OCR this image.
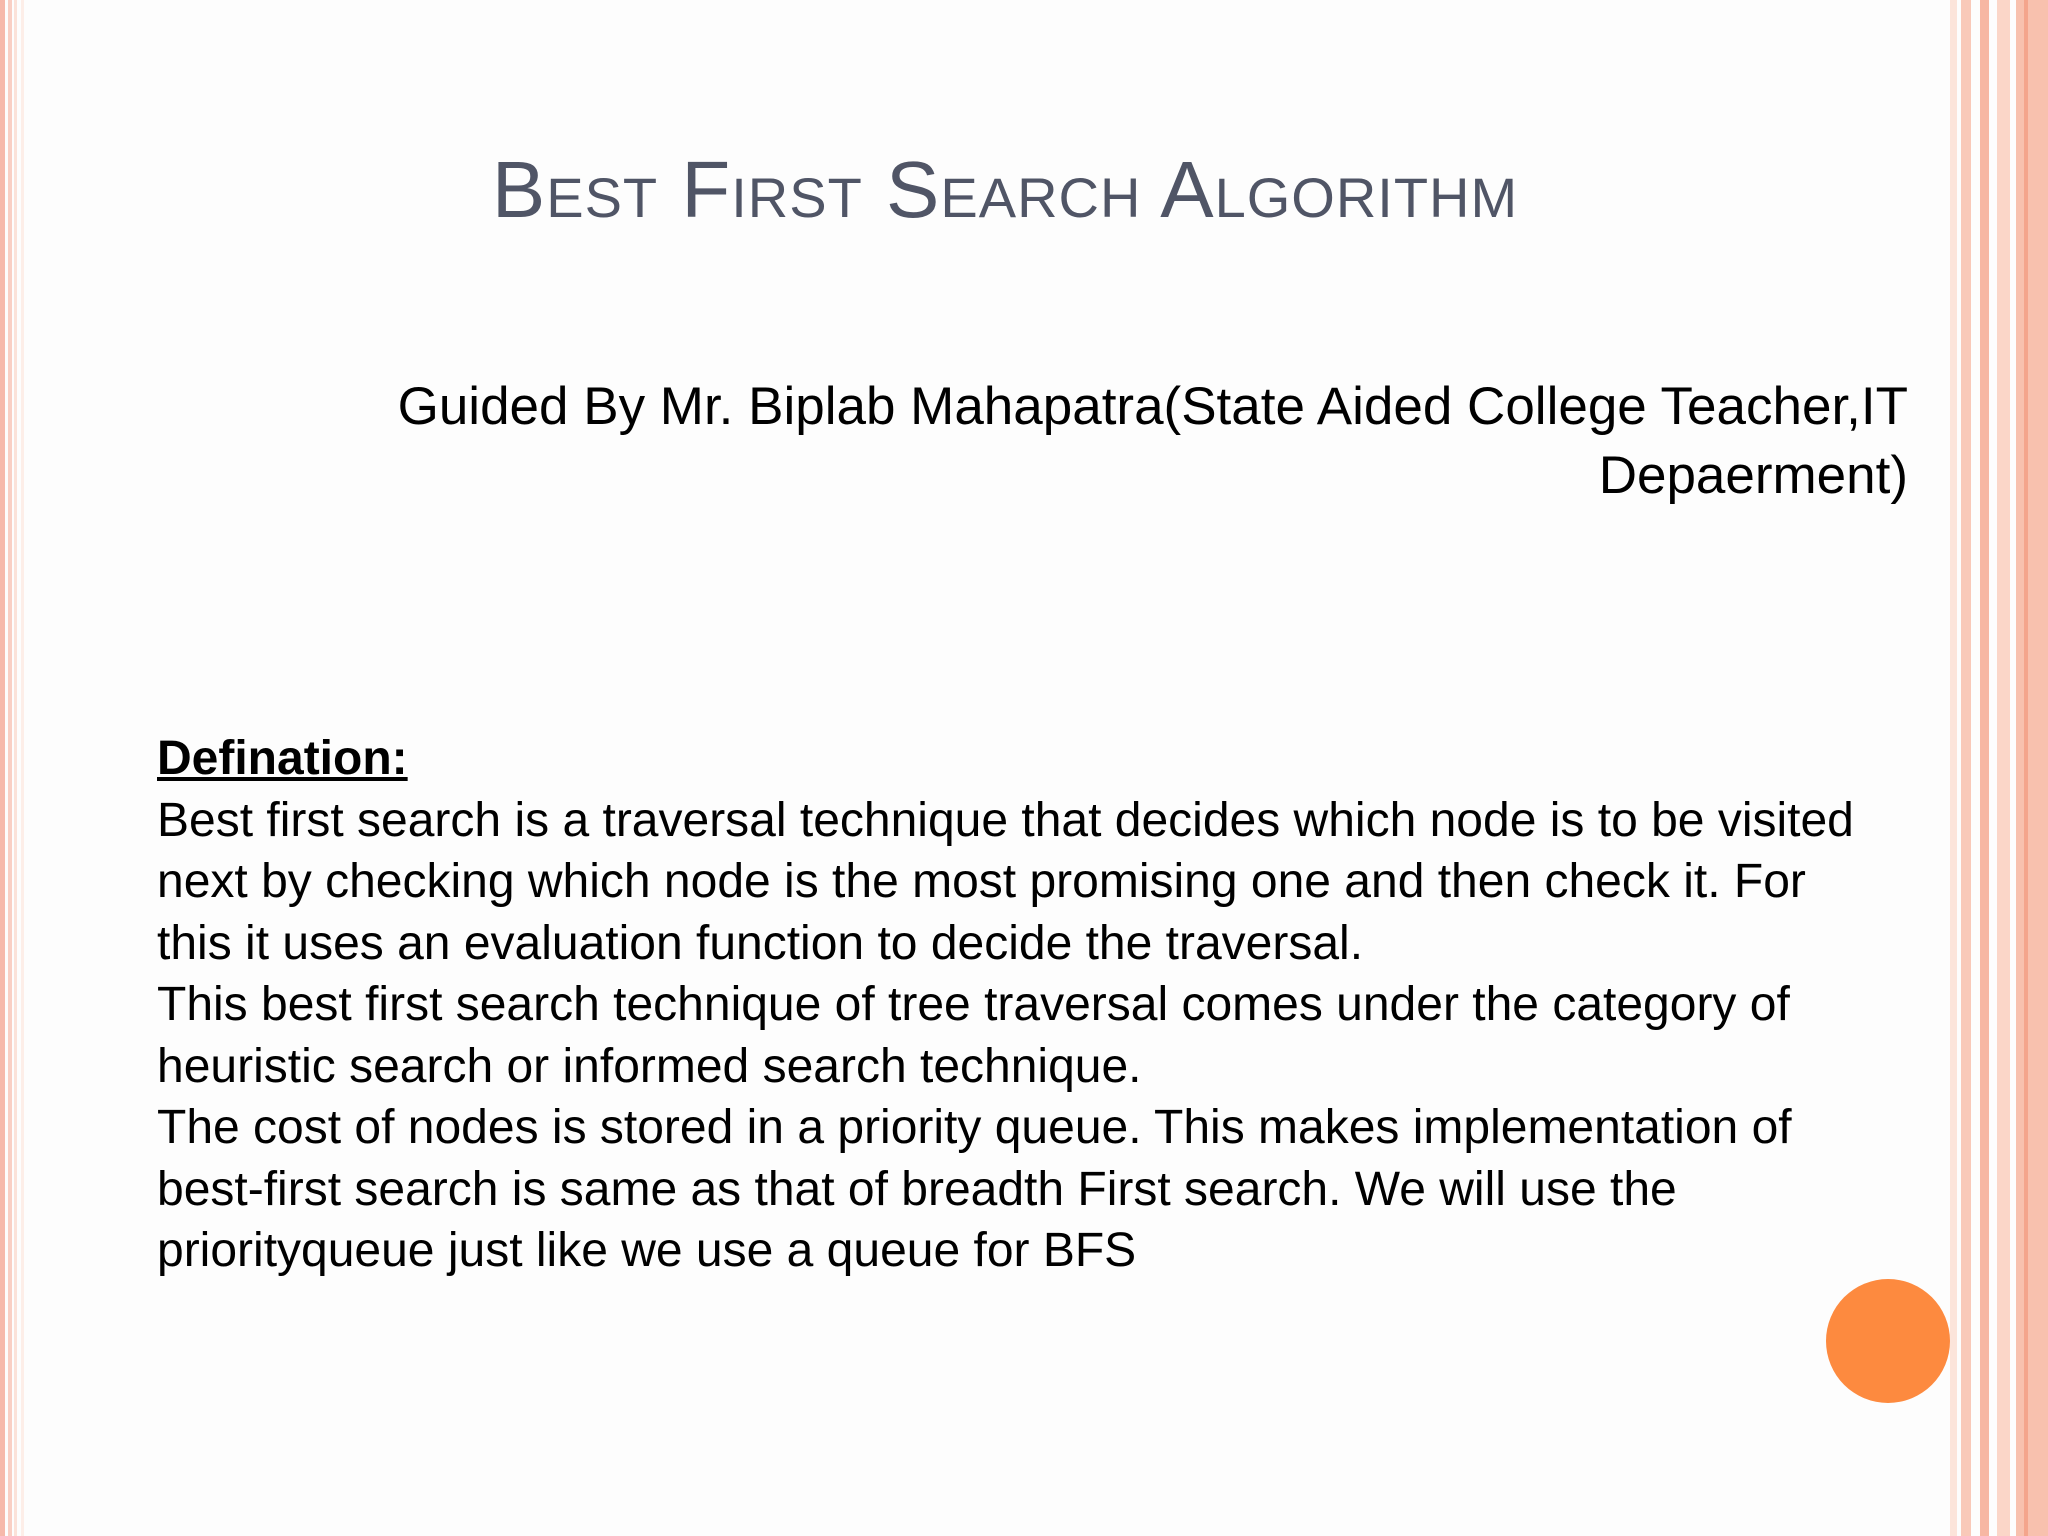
Best First Search Algorithm
Guided By Mr. Biplab Mahapatra(State Aided College Teacher,IT
Depaerment)
Defination:
Best first search is a traversal technique that decides which node is to be visited next by checking which node is the most promising one and then check it. For this it uses an evaluation function to decide the traversal.
This best first search technique of tree traversal comes under the category of heuristic search or informed search technique.
The cost of nodes is stored in a priority queue. This makes implementation of best-first search is same as that of breadth First search. We will use the priorityqueue just like we use a queue for BFS
